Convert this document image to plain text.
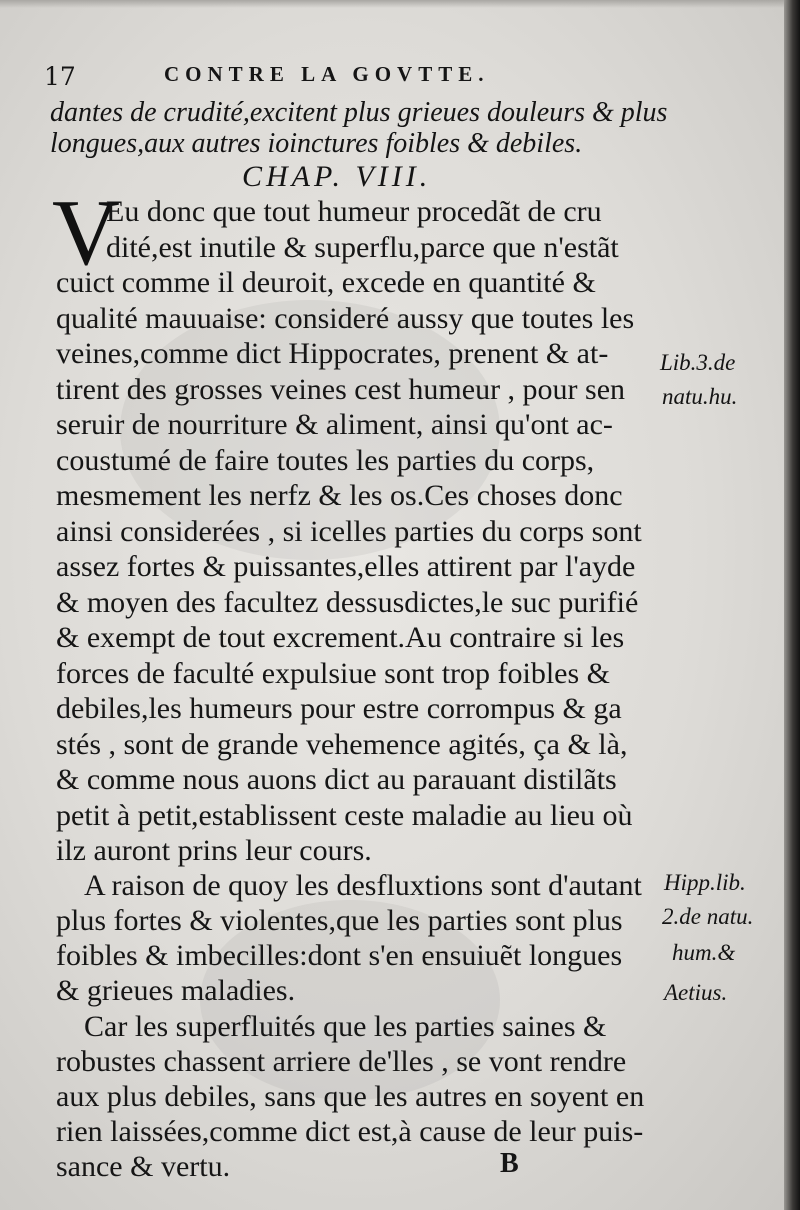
17	CONTRE LA GOVTTE.
dantes de crudité,excitent plus grieues douleurs & plus
longues,aux autres ioinctures foibles & debiles.
CHAP. VIII.
V
Eu donc que tout humeur procedãt de cru
dité,est inutile & superflu,parce que n'estãt
cuict comme il deuroit, excede en quantité &
qualité mauuaise: consideré aussy que toutes les
veines,comme dict Hippocrates, prenent & at-
tirent des grosses veines cest humeur , pour sen
seruir de nourriture & aliment, ainsi qu'ont ac-
coustumé de faire toutes les parties du corps,
mesmement les nerfz & les os.Ces choses donc
ainsi considerées , si icelles parties du corps sont
assez fortes & puissantes,elles attirent par l'ayde
& moyen des facultez dessusdictes,le suc purifié
& exempt de tout excrement.Au contraire si les
forces de faculté expulsiue sont trop foibles &
debiles,les humeurs pour estre corrompus & ga
stés , sont de grande vehemence agités, ça & là,
& comme nous auons dict au parauant distilãts
petit à petit,establissent ceste maladie au lieu où
ilz auront prins leur cours.
A raison de quoy les desfluxtions sont d'autant
plus fortes & violentes,que les parties sont plus
foibles & imbecilles:dont s'en ensuiuẽt longues
& grieues maladies.
Car les superfluités que les parties saines &
robustes chassent arriere de'lles , se vont rendre
aux plus debiles, sans que les autres en soyent en
rien laissées,comme dict est,à cause de leur puis-
sance & vertu.
Lib.3.de
natu.hu.
Hipp.lib.
2.de natu.
hum.&
Aetius.
B
